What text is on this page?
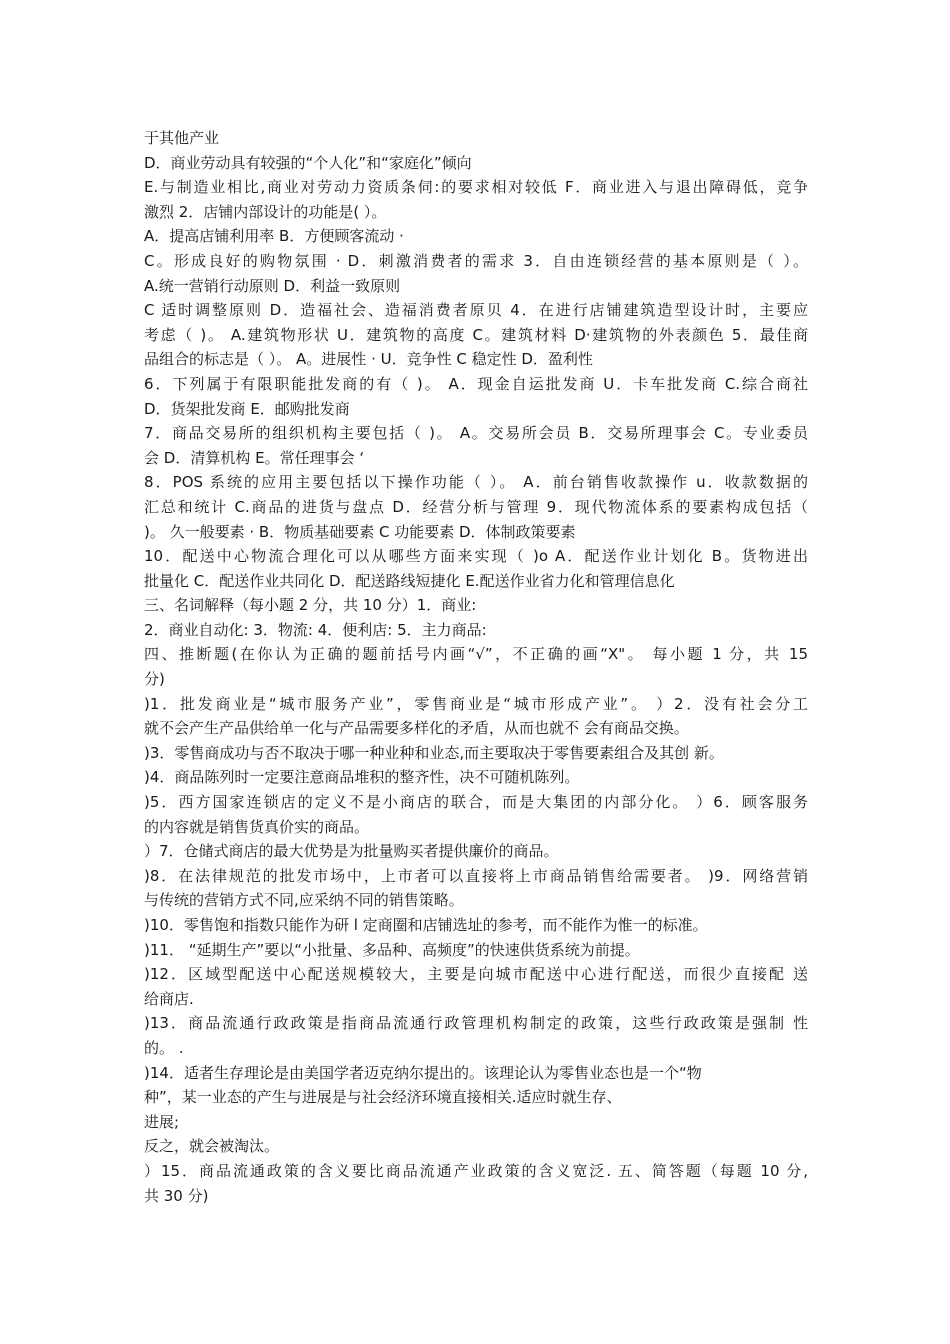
于其他产业
D．商业劳动具有较强的“个人化”和“家庭化”倾向
E.与制造业相比,商业对劳动力资质条伺:的要求相对较低 F．商业进入与退出障碍低，竞争
激烈 2．店铺内部设计的功能是( ）。
A．提高店铺利用率 B．方便顾客流动 ·
C。形成良好的购物氛围 · D．刺激消费者的需求 3．自由连锁经营的基本原则是（ ）。
A.统一营销行动原则 D．利益一致原则
C 适时调整原则 D．造福社会、造福消费者原贝 4．在进行店铺建筑造型设计时，主要应
考虑（ )。 A.建筑物形状 U．建筑物的高度 C。建筑材料 D·建筑物的外表颜色 5．最佳商
品组合的标志是（ ）。 A。进展性 · U．竞争性 C 稳定性 D．盈利性
6．下列属于有限职能批发商的有（ )。 A．现金自运批发商 U．卡车批发商 C.综合商社
D．货架批发商 E．邮购批发商
7．商品交易所的组织机构主要包括（ )。 A。交易所会员 B．交易所理事会 C。专业委员
会 D．清算机构 E。常任理事会 ‘
8．POS 系统的应用主要包括以下操作功能（ ）。 A．前台销售收款操作 u．收款数据的
汇总和统计 C.商品的进货与盘点 D．经营分析与管理 9．现代物流体系的要素构成包括（
)。 久一般要素 · B．物质基础要素 C 功能要素 D．体制政策要素
10．配送中心物流合理化可以从哪些方面来实现（ )o A．配送作业计划化 B。货物进出
批量化 C．配送作业共同化 D．配送路线短捷化 E.配送作业省力化和管理信息化
三、名词解释（每小题 2 分，共 10 分）1．商业:
2．商业自动化: 3．物流: 4．便利店: 5．主力商品:
四、推断题(在你认为正确的题前括号内画“√”，不正确的画“X"。 每小题 1 分，共 15
分)
)1．批发商业是“城市服务产业”，零售商业是“城市形成产业”。 ）2．没有社会分工
就不会产生产品供给单一化与产品需要多样化的矛盾，从而也就不 会有商品交换。
)3．零售商成功与否不取决于哪一种业种和业态,而主要取决于零售要素组合及其创 新。
)4．商品陈列时一定要注意商品堆积的整齐性，决不可随机陈列。
)5．西方国家连锁店的定义不是小商店的联合，而是大集团的内部分化。 ）6．顾客服务
的内容就是销售货真价实的商品。
）7．仓储式商店的最大优势是为批量购买者提供廉价的商品。
)8．在法律规范的批发市场中，上市者可以直接将上市商品销售给需要者。 )9．网络营销
与传统的营销方式不同,应采纳不同的销售策略。
)10．零售饱和指数只能作为研 l 定商圈和店铺选址的参考，而不能作为惟一的标准。
)11． “延期生产”要以“小批量、多品种、高频度”的快速供货系统为前提。
)12．区域型配送中心配送规模较大，主要是向城市配送中心进行配送，而很少直接配 送
给商店.
)13．商品流通行政政策是指商品流通行政管理机构制定的政策，这些行政政策是强制 性
的。 .
)14．适者生存理论是由美国学者迈克纳尔提出的。该理论认为零售业态也是一个“物
种”，某一业态的产生与进展是与社会经济环境直接相关.适应时就生存、
进展;
反之，就会被淘汰。
）15．商品流通政策的含义要比商品流通产业政策的含义宽泛. 五、简答题（每题 10 分,
共 30 分)
